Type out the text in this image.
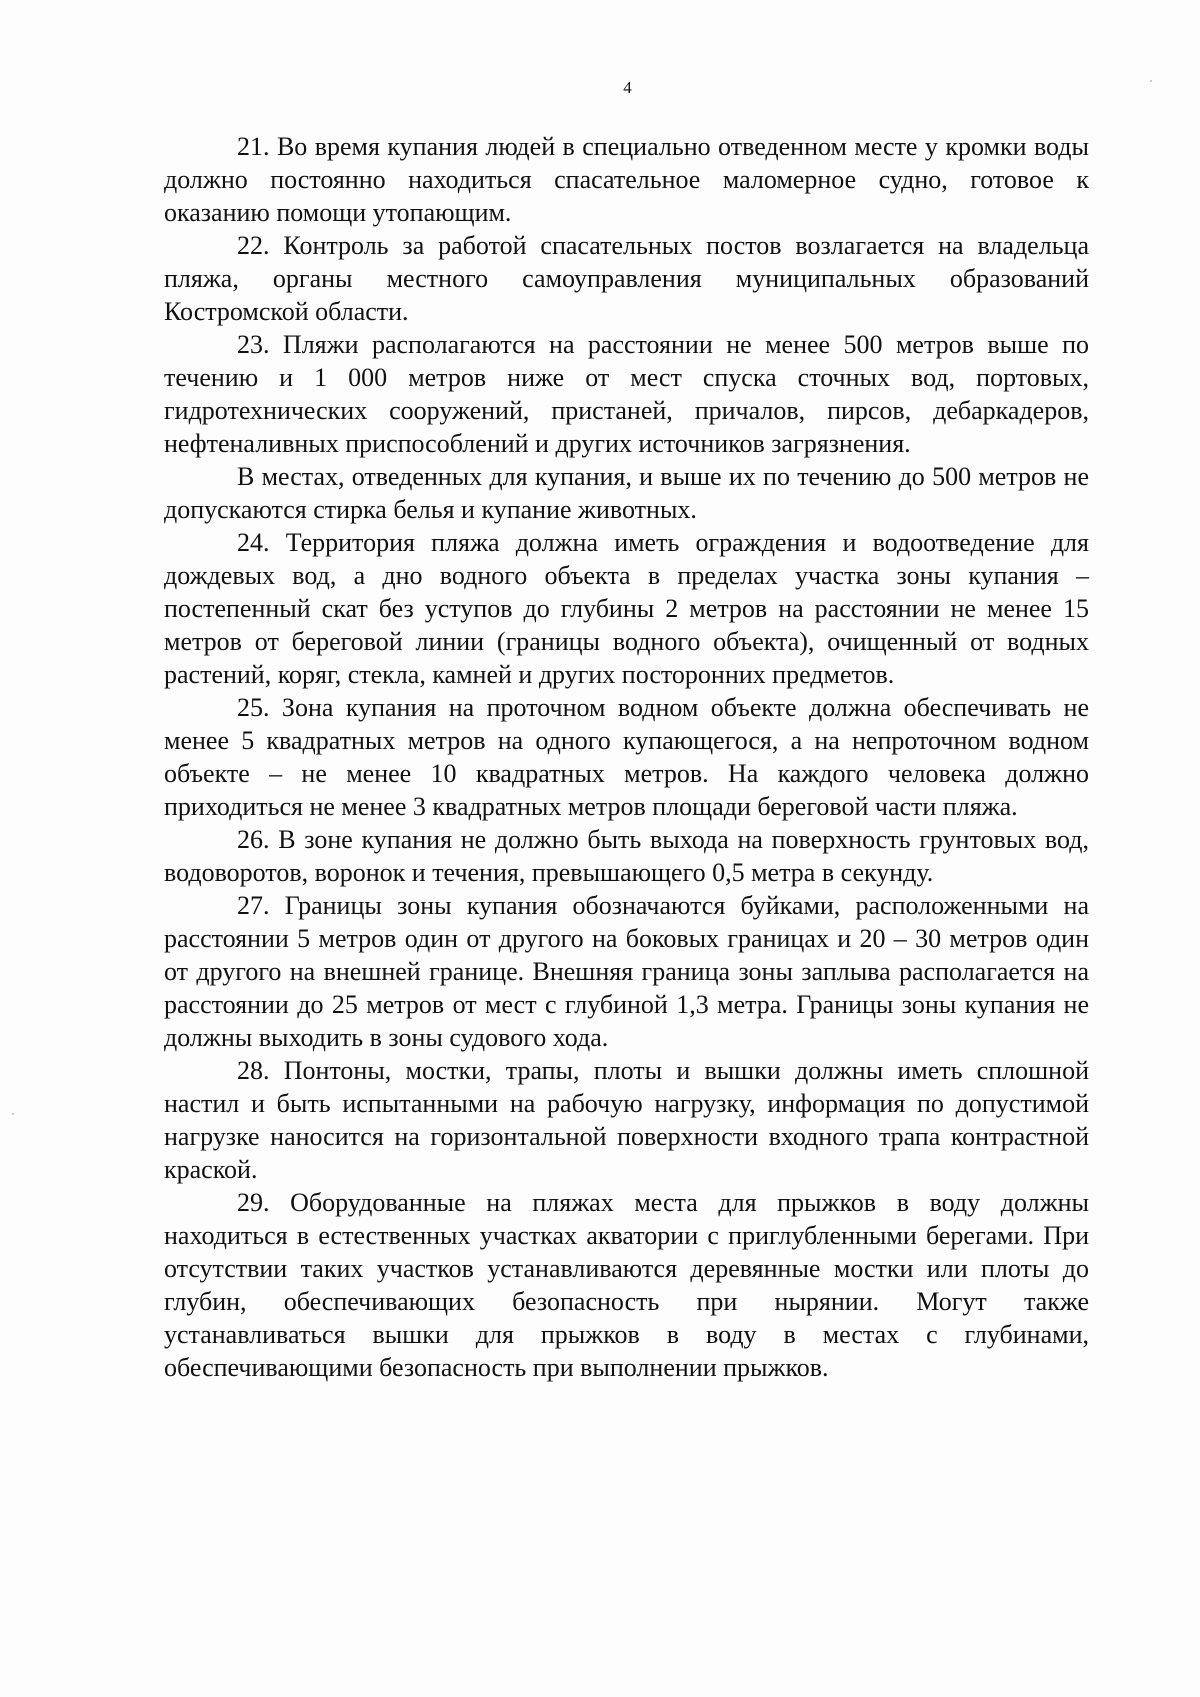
4

21. Во время купания людей в специально отведенном месте у кромки воды должно постоянно находиться спасательное маломерное судно, готовое к оказанию помощи утопающим.

22. Контроль за работой спасательных постов возлагается на владельца пляжа, органы местного самоуправления муниципальных образований Костромской области.

23. Пляжи располагаются на расстоянии не менее 500 метров выше по течению и 1 000 метров ниже от мест спуска сточных вод, портовых, гидротехнических сооружений, пристаней, причалов, пирсов, дебаркадеров, нефтеналивных приспособлений и других источников загрязнения.

В местах, отведенных для купания, и выше их по течению до 500 метров не допускаются стирка белья и купание животных.

24. Территория пляжа должна иметь ограждения и водоотведение для дождевых вод, а дно водного объекта в пределах участка зоны купания – постепенный скат без уступов до глубины 2 метров на расстоянии не менее 15 метров от береговой линии (границы водного объекта), очищенный от водных растений, коряг, стекла, камней и других посторонних предметов.

25. Зона купания на проточном водном объекте должна обеспечивать не менее 5 квадратных метров на одного купающегося, а на непроточном водном объекте – не менее 10 квадратных метров. На каждого человека должно приходиться не менее 3 квадратных метров площади береговой части пляжа.

26. В зоне купания не должно быть выхода на поверхность грунтовых вод, водоворотов, воронок и течения, превышающего 0,5 метра в секунду.

27. Границы зоны купания обозначаются буйками, расположенными на расстоянии 5 метров один от другого на боковых границах и 20 – 30 метров один от другого на внешней границе. Внешняя граница зоны заплыва располагается на расстоянии до 25 метров от мест с глубиной 1,3 метра. Границы зоны купания не должны выходить в зоны судового хода.

28. Понтоны, мостки, трапы, плоты и вышки должны иметь сплошной настил и быть испытанными на рабочую нагрузку, информация по допустимой нагрузке наносится на горизонтальной поверхности входного трапа контрастной краской.

29. Оборудованные на пляжах места для прыжков в воду должны находиться в естественных участках акватории с приглубленными берегами. При отсутствии таких участков устанавливаются деревянные мостки или плоты до глубин, обеспечивающих безопасность при нырянии. Могут также устанавливаться вышки для прыжков в воду в местах с глубинами, обеспечивающими безопасность при выполнении прыжков.
